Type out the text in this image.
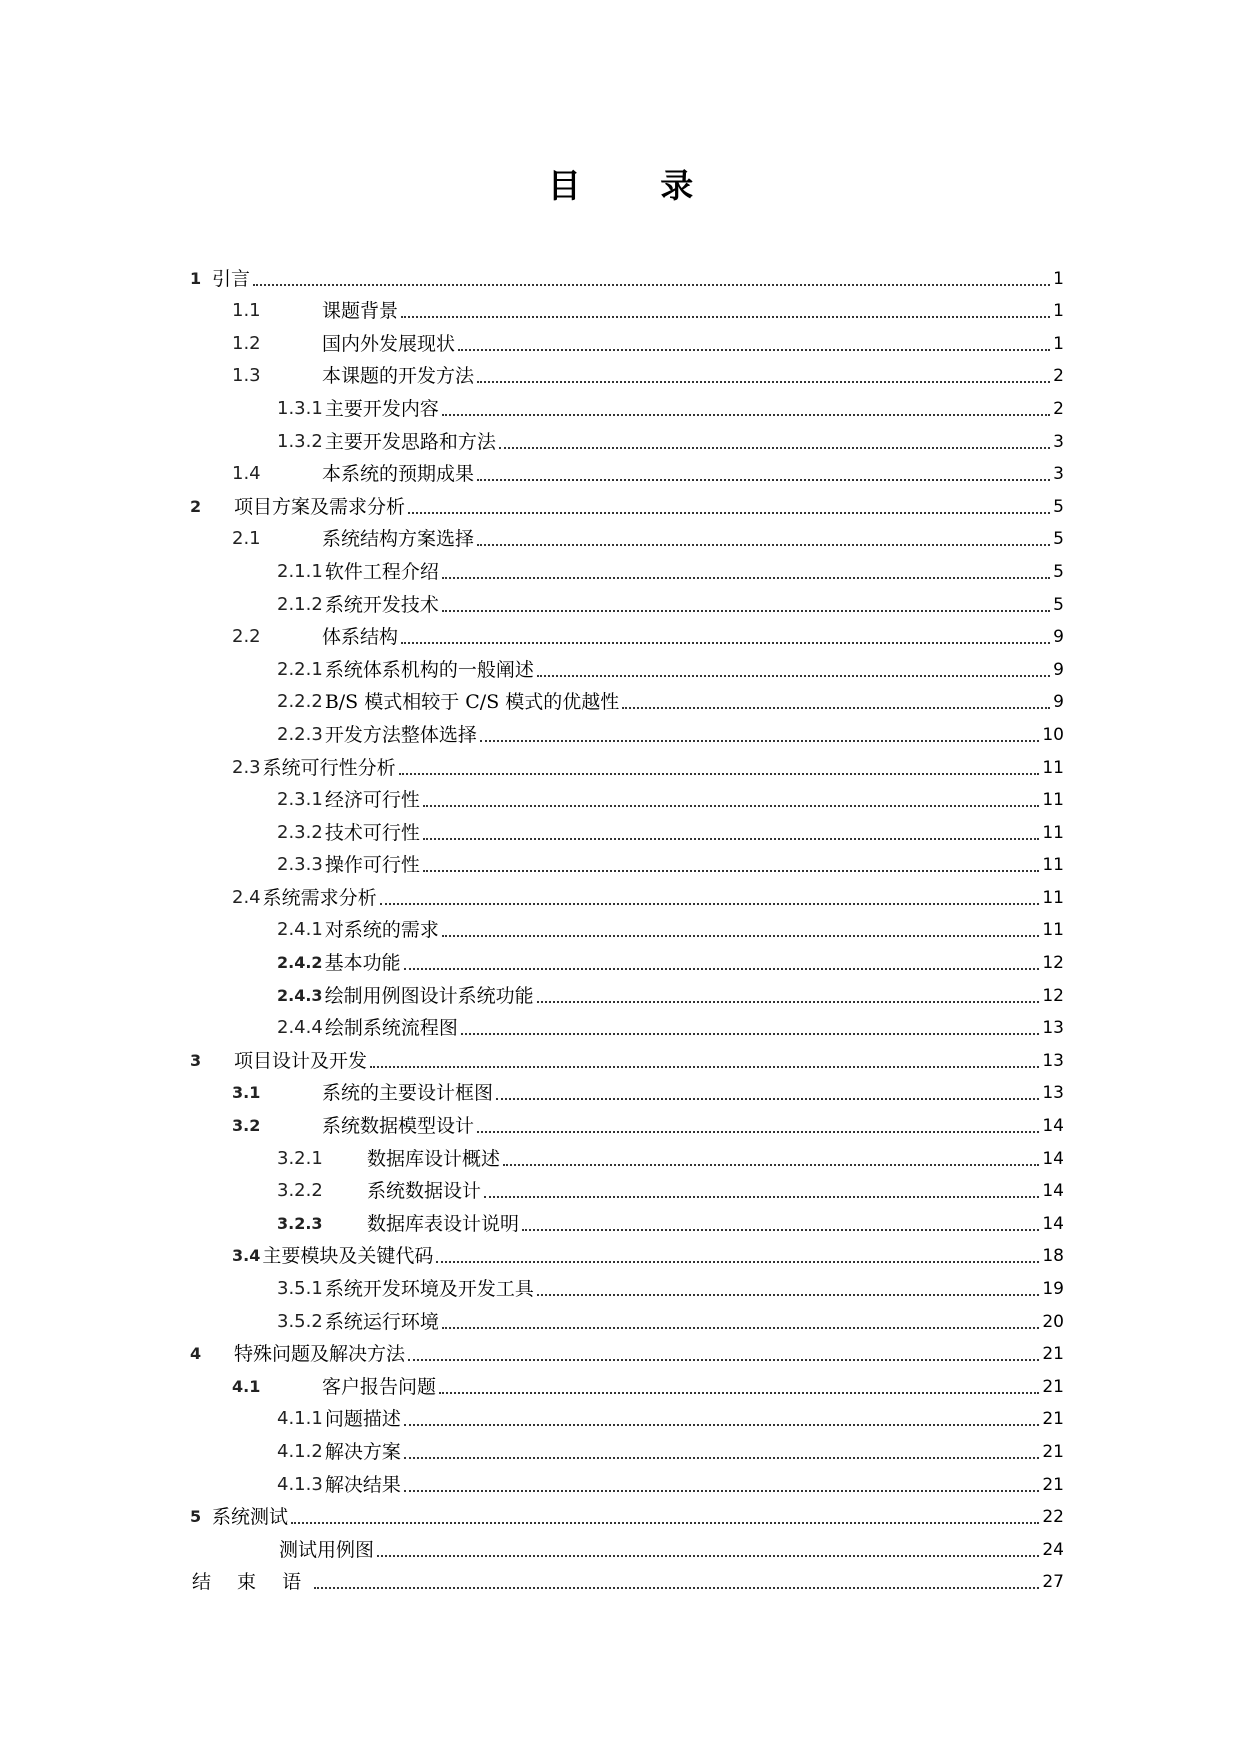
目 录
1 引言	1
1.1	课题背景	1
1.2	国内外发展现状	1
1.3	本课题的开发方法	2
1.3.1 主要开发内容	2
1.3.2 主要开发思路和方法	3
1.4	本系统的预期成果	3
2	项目方案及需求分析	5
2.1	系统结构方案选择	5
2.1.1 软件工程介绍	5
2.1.2 系统开发技术	5
2.2	体系结构	9
2.2.1 系统体系机构的一般阐述	9
2.2.2 B/S 模式相较于 C/S 模式的优越性	9
2.2.3 开发方法整体选择	10
2.3 系统可行性分析	11
2.3.1 经济可行性	11
2.3.2 技术可行性	11
2.3.3 操作可行性	11
2.4 系统需求分析	11
2.4.1 对系统的需求	11
2.4.2 基本功能	12
2.4.3 绘制用例图设计系统功能	12
2.4.4 绘制系统流程图	13
3	项目设计及开发	13
3.1	系统的主要设计框图	13
3.2	系统数据模型设计	14
3.2.1	数据库设计概述	14
3.2.2	系统数据设计	14
3.2.3	数据库表设计说明	14
3.4 主要模块及关键代码	18
3.5.1 系统开发环境及开发工具	19
3.5.2 系统运行环境	20
4	特殊问题及解决方法	21
4.1	客户报告问题	21
4.1.1 问题描述	21
4.1.2 解决方案	21
4.1.3 解决结果	21
5 系统测试	22
测试用例图	24
结 束 语	27
